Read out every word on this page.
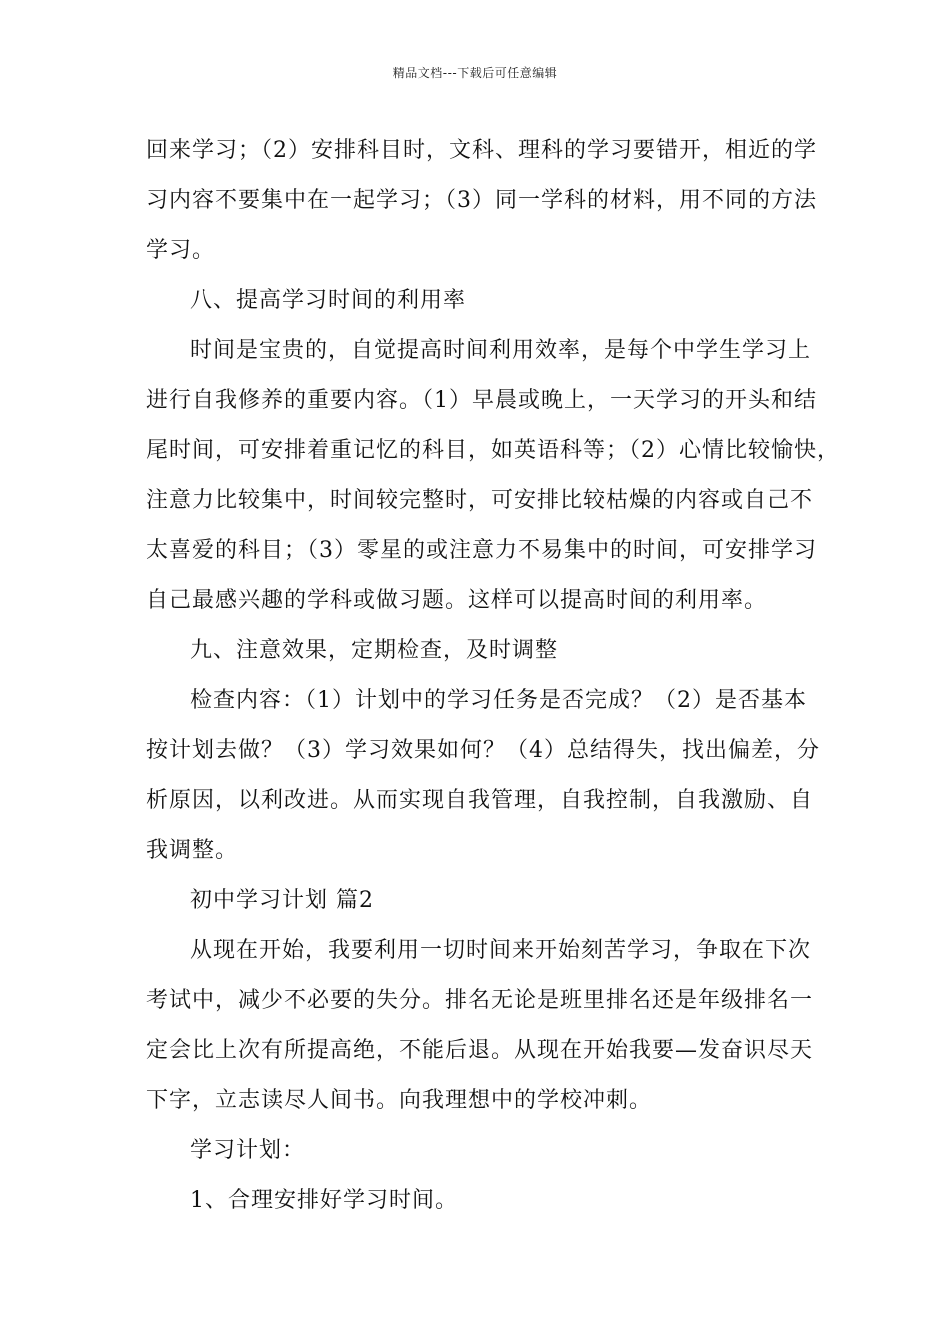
精品文档---下载后可任意编辑
回来学习；（2）安排科目时，文科、理科的学习要错开，相近的学
习内容不要集中在一起学习；（3）同一学科的材料，用不同的方法
学习。
八、提高学习时间的利用率
时间是宝贵的，自觉提高时间利用效率，是每个中学生学习上
进行自我修养的重要内容。（1）早晨或晚上，一天学习的开头和结
尾时间，可安排着重记忆的科目，如英语科等；（2）心情比较愉快，
注意力比较集中，时间较完整时，可安排比较枯燥的内容或自己不
太喜爱的科目；（3）零星的或注意力不易集中的时间，可安排学习
自己最感兴趣的学科或做习题。这样可以提高时间的利用率。
九、注意效果，定期检查，及时调整
检查内容：（1）计划中的学习任务是否完成？（2）是否基本
按计划去做？（3）学习效果如何？（4）总结得失，找出偏差，分
析原因，以利改进。从而实现自我管理，自我控制，自我激励、自
我调整。
初中学习计划 篇2
从现在开始，我要利用一切时间来开始刻苦学习，争取在下次
考试中，减少不必要的失分。排名无论是班里排名还是年级排名一
定会比上次有所提高绝，不能后退。从现在开始我要—发奋识尽天
下字，立志读尽人间书。向我理想中的学校冲刺。
学习计划：
1、合理安排好学习时间。
